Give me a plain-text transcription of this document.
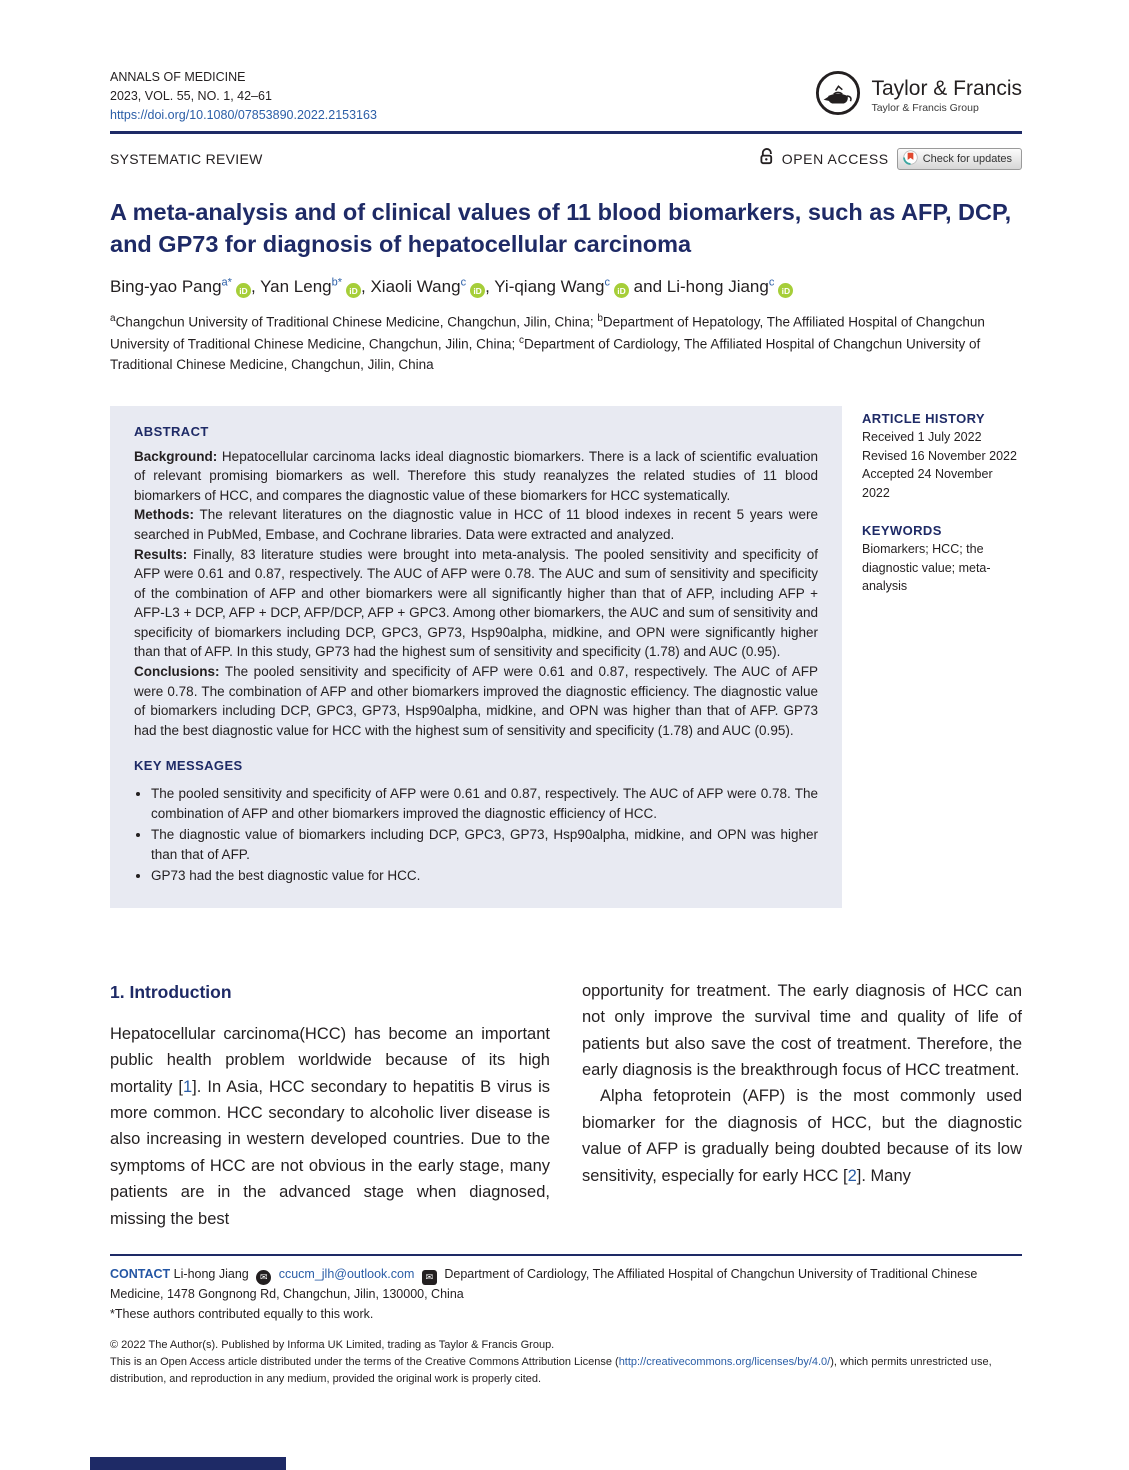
ANNALS OF MEDICINE
2023, VOL. 55, NO. 1, 42–61
https://doi.org/10.1080/07853890.2022.2153163
Taylor & Francis
Taylor & Francis Group
SYSTEMATIC REVIEW	OPEN ACCESS	Check for updates
A meta-analysis and of clinical values of 11 blood biomarkers, such as AFP, DCP, and GP73 for diagnosis of hepatocellular carcinoma
Bing-yao Pang$^{a*}$iD , Yan Leng$^{b*}$iD , Xiaoli Wang$^c$iD , Yi-qiang Wang$^c$iD and Li-hong Jiang$^c$iD
$^a$Changchun University of Traditional Chinese Medicine, Changchun, Jilin, China; $^b$Department of Hepatology, The Affiliated Hospital of Changchun University of Traditional Chinese Medicine, Changchun, Jilin, China; $^c$Department of Cardiology, The Affiliated Hospital of Changchun University of Traditional Chinese Medicine, Changchun, Jilin, China

ABSTRACT

Background: Hepatocellular carcinoma lacks ideal diagnostic biomarkers. There is a lack of scientific evaluation of relevant promising biomarkers as well. Therefore this study reanalyzes the related studies of 11 blood biomarkers of HCC, and compares the diagnostic value of these biomarkers for HCC systematically.

Methods: The relevant literatures on the diagnostic value in HCC of 11 blood indexes in recent 5 years were searched in PubMed, Embase, and Cochrane libraries. Data were extracted and analyzed.

Results: Finally, 83 literature studies were brought into meta-analysis. The pooled sensitivity and specificity of AFP were 0.61 and 0.87, respectively. The AUC of AFP were 0.78. The AUC and sum of sensitivity and specificity of the combination of AFP and other biomarkers were all significantly higher than that of AFP, including AFP + AFP-L3 + DCP, AFP + DCP, AFP/DCP, AFP + GPC3. Among other biomarkers, the AUC and sum of sensitivity and specificity of biomarkers including DCP, GPC3, GP73, Hsp90alpha, midkine, and OPN were significantly higher than that of AFP. In this study, GP73 had the highest sum of sensitivity and specificity (1.78) and AUC (0.95).

Conclusions: The pooled sensitivity and specificity of AFP were 0.61 and 0.87, respectively. The AUC of AFP were 0.78. The combination of AFP and other biomarkers improved the diagnostic efficiency. The diagnostic value of biomarkers including DCP, GPC3, GP73, Hsp90alpha, midkine, and OPN was higher than that of AFP. GP73 had the best diagnostic value for HCC with the highest sum of sensitivity and specificity (1.78) and AUC (0.95).

KEY MESSAGES

• The pooled sensitivity and specificity of AFP were 0.61 and 0.87, respectively. The AUC of AFP were 0.78. The combination of AFP and other biomarkers improved the diagnostic efficiency of HCC.
• The diagnostic value of biomarkers including DCP, GPC3, GP73, Hsp90alpha, midkine, and OPN was higher than that of AFP.
• GP73 had the best diagnostic value for HCC.

ARTICLE HISTORY

Received 1 July 2022
Revised 16 November 2022
Accepted 24 November 2022

KEYWORDS

Biomarkers; HCC; the diagnostic value; meta-analysis
1. Introduction

Hepatocellular carcinoma(HCC) has become an important public health problem worldwide because of its high mortality [1]. In Asia, HCC secondary to hepatitis B virus is more common. HCC secondary to alcoholic liver disease is also increasing in western developed countries. Due to the symptoms of HCC are not obvious in the early stage, many patients are in the advanced stage when diagnosed, missing the best

opportunity for treatment. The early diagnosis of HCC can not only improve the survival time and quality of life of patients but also save the cost of treatment. Therefore, the early diagnosis is the breakthrough focus of HCC treatment.

Alpha fetoprotein (AFP) is the most commonly used biomarker for the diagnosis of HCC, but the diagnostic value of AFP is gradually being doubted because of its low sensitivity, especially for early HCC [2]. Many

CONTACT Li-hong Jiang ✉ ccucm_jlh@outlook.com ✉ Department of Cardiology, The Affiliated Hospital of Changchun University of Traditional Chinese Medicine, 1478 Gongnong Rd, Changchun, Jilin, 130000, China
*These authors contributed equally to this work.

© 2022 The Author(s). Published by Informa UK Limited, trading as Taylor & Francis Group.

This is an Open Access article distributed under the terms of the Creative Commons Attribution License (http://creativecommons.org/licenses/by/4.0/), which permits unrestricted use, distribution, and reproduction in any medium, provided the original work is properly cited.
